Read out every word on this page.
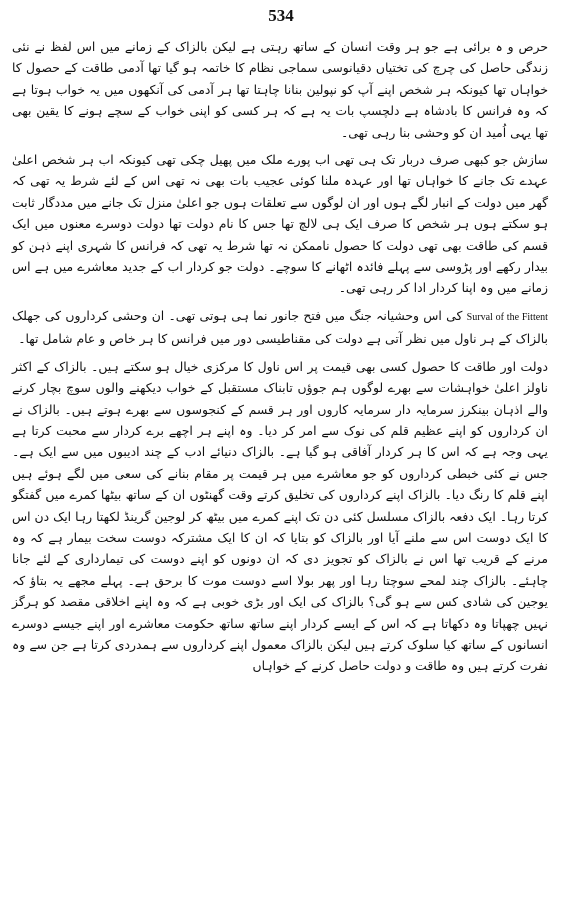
534

حرص و ہ برائی ہے جو ہر وقت انسان کے ساتھ رہتی ہے لیکن بالزاک کے زمانے میں اس لفظ نے نئی زندگی حاصل کی چرچ کی تختیاں دقیانوسی سماجی نظام کا خاتمہ ہو گیا تھا آدمی طاقت کے حصول کا خواہاں تھا کیونکہ ہر شخص اپنے آپ کو نپولین بنانا چاہتا تھا ہر آدمی کی آنکھوں میں یہ خواب ہوتا ہے کہ وہ فرانس کا بادشاہ ہے دلچسپ بات یہ ہے کہ ہر کسی کو اپنی خواب کے سچے ہونے کا یقین بھی تھا یہی اُمید ان کو وحشی بنا رہی تھی۔

سازش جو کبھی صرف دربار تک ہی تھی اب پورے ملک میں پھیل چکی تھی کیونکہ اب ہر شخص اعلیٰ عہدے تک جانے کا خواہاں تھا اور عہدہ ملنا کوئی عجیب بات بھی نہ تھی اس کے لئے شرط یہ تھی کہ گھر میں دولت کے انبار لگے ہوں اور ان لوگوں سے تعلقات ہوں جو اعلیٰ منزل تک جانے میں مددگار ثابت ہو سکتے ہوں ہر شخص کا صرف ایک ہی لالچ تھا جس کا نام دولت تھا دولت دوسرے معنوں میں ایک قسم کی طاقت بھی تھی دولت کا حصول ناممکن نہ تھا شرط یہ تھی کہ فرانس کا شہری اپنے ذہن کو بیدار رکھے اور پڑوسی سے پہلے فائدہ اٹھانے کا سوچے۔ دولت جو کردار اب کے جدید معاشرے میں ہے اس زمانے میں وہ اپنا کردار ادا کر رہی تھی۔

Surval of the Fittent کی اس وحشیانہ جنگ میں فتح جانور نما ہی ہوتی تھی۔ ان وحشی کرداروں کی جھلک بالزاک کے ہر ناول میں نظر آتی ہے دولت کی مقناطیسی دور میں فرانس کا ہر خاص و عام شامل تھا۔

دولت اور طاقت کا حصول کسی بھی قیمت پر اس ناول کا مرکزی خیال ہو سکتے ہیں۔ بالزاک کے اکثر ناولز اعلیٰ خواہشات سے بھرے لوگوں ہم جوؤں تابناک مستقبل کے خواب دیکھنے والوں سوچ بچار کرنے والے اذہان بینکرز سرمایہ دار سرمایہ کاروں اور ہر قسم کے کنجوسوں سے بھرے ہوتے ہیں۔ بالزاک نے ان کرداروں کو اپنے عظیم قلم کی نوک سے امر کر دیا۔ وہ اپنے ہر اچھے برے کردار سے محبت کرتا ہے یہی وجہ ہے کہ اس کا ہر کردار آفاقی ہو گیا ہے۔ بالزاک دنیائے ادب کے چند ادیبوں میں سے ایک ہے۔ جس نے کئی خبطی کرداروں کو جو معاشرے میں ہر قیمت پر مقام بنانے کی سعی میں لگے ہوئے ہیں اپنے قلم کا رنگ دیا۔ بالزاک اپنے کرداروں کی تخلیق کرتے وقت گھنٹوں ان کے ساتھ بیٹھا کمرے میں گفتگو کرتا رہا۔ ایک دفعہ بالزاک مسلسل کئی دن تک اپنے کمرے میں بیٹھ کر لوجین گرینڈ لکھتا رہا ایک دن اس کا ایک دوست اس سے ملنے آیا اور بالزاک کو بتایا کہ ان کا ایک مشترکہ دوست سخت بیمار ہے کہ وہ مرنے کے قریب تھا اس نے بالزاک کو تجویز دی کہ ان دونوں کو اپنے دوست کی تیمارداری کے لئے جانا چاہئے۔ بالزاک چند لمحے سوچتا رہا اور پھر بولا اسے دوست موت کا برحق ہے۔ پہلے مجھے یہ بتاؤ کہ یوجین کی شادی کس سے ہو گی؟ بالزاک کی ایک اور بڑی خوبی ہے کہ وہ اپنے اخلاقی مقصد کو ہرگز نہیں چھپاتا وہ دکھاتا ہے کہ اس کے ایسے کردار اپنے ساتھ ساتھ حکومت معاشرے اور اپنے جیسے دوسرے انسانوں کے ساتھ کیا سلوک کرتے ہیں لیکن بالزاک معمول اپنے کرداروں سے ہمدردی کرتا ہے جن سے وہ نفرت کرتے ہیں وہ طاقت و دولت حاصل کرنے کے خواہاں
